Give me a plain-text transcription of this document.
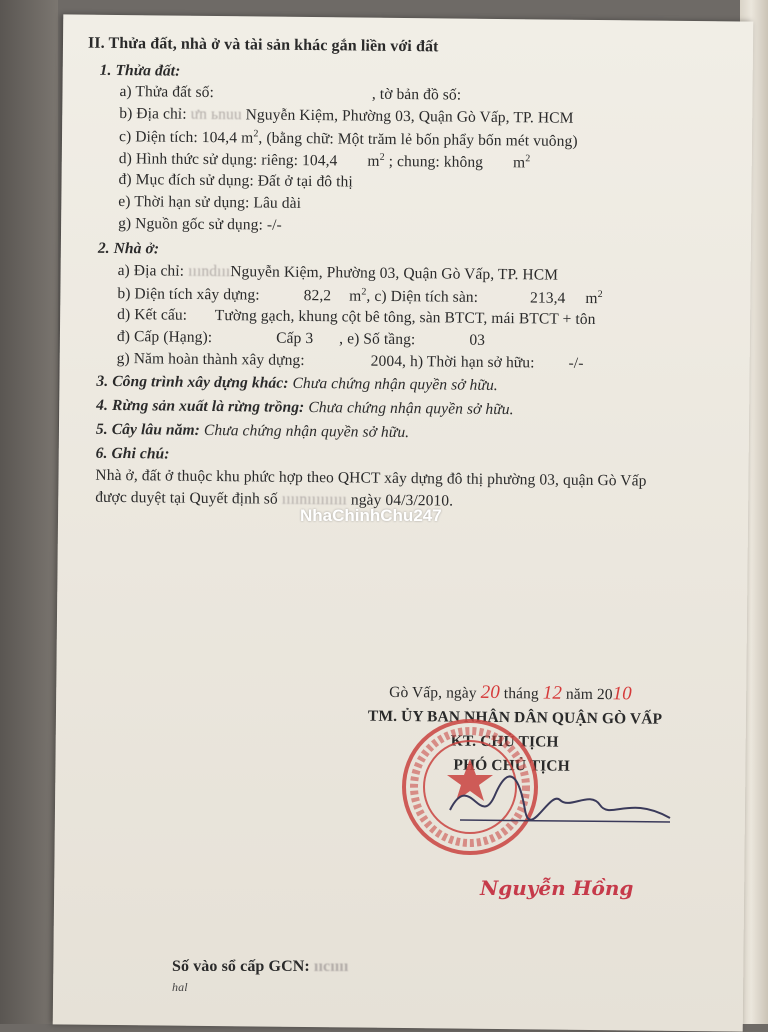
II. Thửa đất, nhà ở và tài sản khác gắn liền với đất
1. Thửa đất:
a) Thửa đất số:	, tờ bản đồ số:
b) Địa chỉ: ưn ьnuu Nguyễn Kiệm, Phường 03, Quận Gò Vấp, TP. HCM
c) Diện tích: 104,4 $m^2$, (bằng chữ: Một trăm lẻ bốn phẩy bốn mét vuông)
d) Hình thức sử dụng: riêng: 104,4 $m^2$ ; chung: không $m^2$
đ) Mục đích sử dụng: Đất ở tại đô thị
e) Thời hạn sử dụng: Lâu dài
g) Nguồn gốc sử dụng: -/-
2. Nhà ở:
a) Địa chỉ: ııındıııNguyễn Kiệm, Phường 03, Quận Gò Vấp, TP. HCM
b) Diện tích xây dựng:	82,2 $m^2$, c) Diện tích sàn:	213,4 $m^2$
d) Kết cấu: Tường gạch, khung cột bê tông, sàn BTCT, mái BTCT + tôn
đ) Cấp (Hạng):	Cấp 3 , e) Số tầng:	03
g) Năm hoàn thành xây dựng:	2004, h) Thời hạn sở hữu: -/-
3. Công trình xây dựng khác: Chưa chứng nhận quyền sở hữu.
4. Rừng sản xuất là rừng trồng: Chưa chứng nhận quyền sở hữu.
5. Cây lâu năm: Chưa chứng nhận quyền sở hữu.
6. Ghi chú:
Nhà ở, đất ở thuộc khu phức hợp theo QHCT xây dựng đô thị phường 03, quận Gò Vấp
được duyệt tại Quyết định số ıııınııııııııı ngày 04/3/2010.
Gò Vấp, ngày 20 tháng 12 năm 2010
TM. ỦY BAN NHÂN DÂN QUẬN GÒ VẤP
KT. CHỦ TỊCH
PHÓ CHỦ TỊCH
NhaChinhChu247
Nguyễn Hồng
Số vào sổ cấp GCN: ııcıııı
hal
